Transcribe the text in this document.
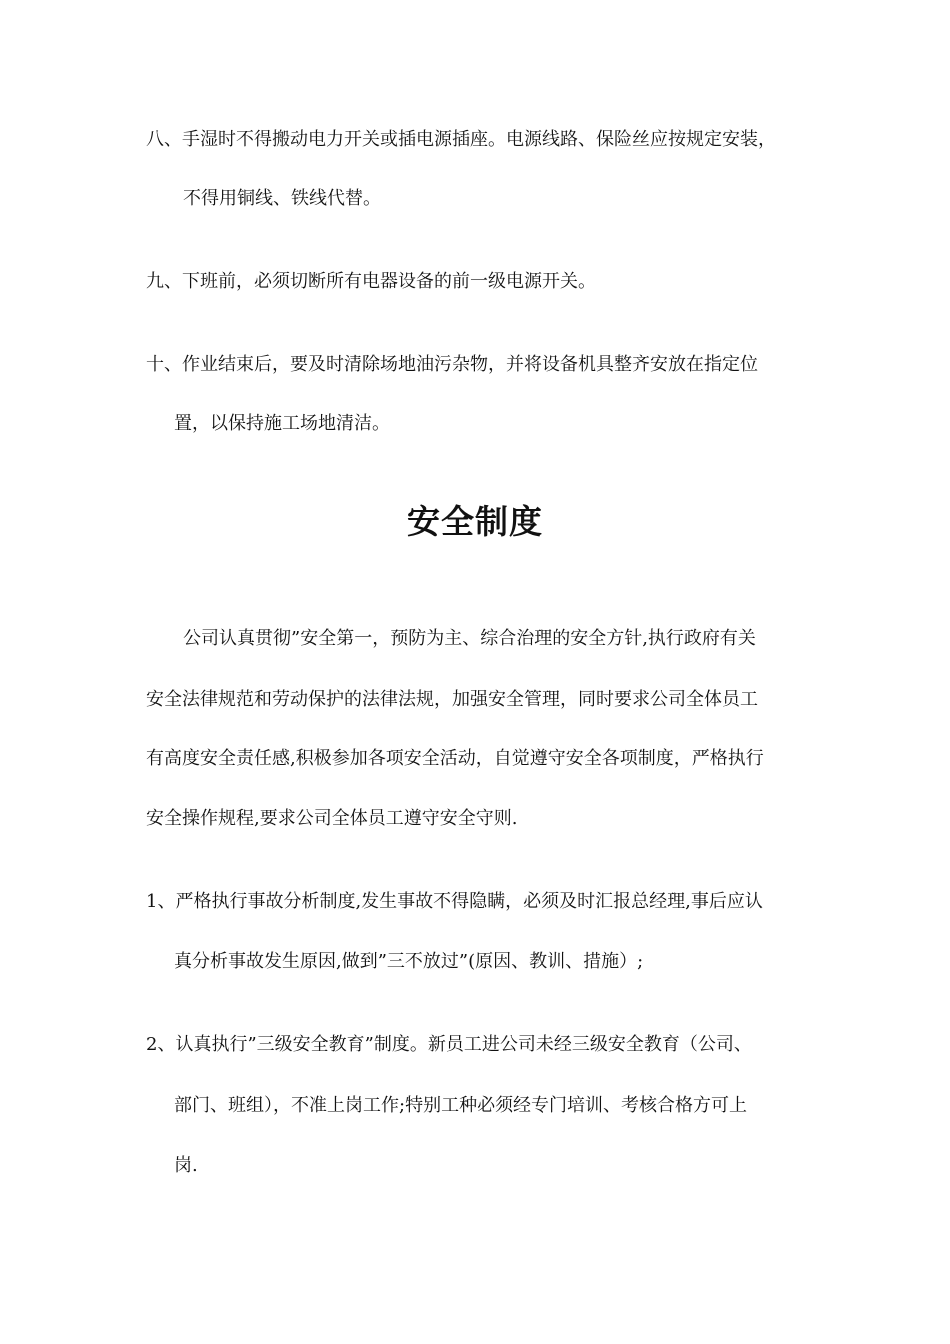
八、手湿时不得搬动电力开关或插电源插座。电源线路、保险丝应按规定安装，
不得用铜线、铁线代替。
九、下班前，必须切断所有电器设备的前一级电源开关。
十、作业结束后，要及时清除场地油污杂物，并将设备机具整齐安放在指定位
置，以保持施工场地清洁。
安全制度
公司认真贯彻”安全第一，预防为主、综合治理的安全方针,执行政府有关
安全法律规范和劳动保护的法律法规，加强安全管理，同时要求公司全体员工
有高度安全责任感,积极参加各项安全活动，自觉遵守安全各项制度，严格执行
安全操作规程,要求公司全体员工遵守安全守则.
1、严格执行事故分析制度,发生事故不得隐瞒，必须及时汇报总经理,事后应认
真分析事故发生原因,做到”三不放过”(原因、教训、措施）;
2、认真执行”三级安全教育”制度。新员工进公司未经三级安全教育（公司、
部门、班组），不准上岗工作;特别工种必须经专门培训、考核合格方可上
岗.
